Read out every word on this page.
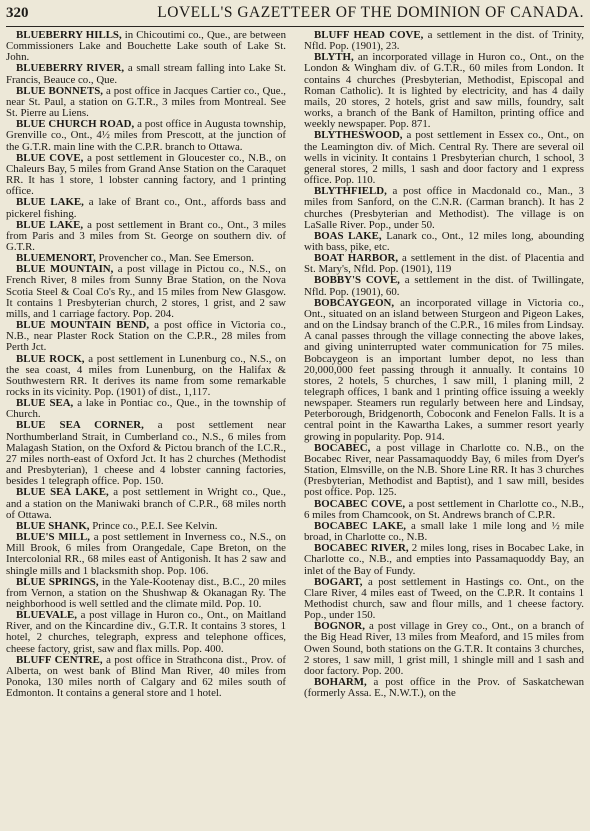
320	LOVELL'S GAZETTEER OF THE DOMINION OF CANADA.

BLUEBERRY HILLS, in Chicoutimi co., Que., are between Commissioners Lake and Bouchette Lake south of Lake St. John.

BLUEBERRY RIVER, a small stream falling into Lake St. Francis, Beauce co., Que.

BLUE BONNETS, a post office in Jacques Cartier co., Que., near St. Paul, a station on G.T.R., 3 miles from Montreal. See St. Pierre au Liens.

BLUE CHURCH ROAD, a post office in Augusta township, Grenville co., Ont., 4½ miles from Prescott, at the junction of the G.T.R. main line with the C.P.R. branch to Ottawa.

BLUE COVE, a post settlement in Gloucester co., N.B., on Chaleurs Bay, 5 miles from Grand Anse Station on the Caraquet RR. It has 1 store, 1 lobster canning factory, and 1 printing office.

BLUE LAKE, a lake of Brant co., Ont., affords bass and pickerel fishing.

BLUE LAKE, a post settlement in Brant co., Ont., 3 miles from Paris and 3 miles from St. George on southern div. of G.T.R.

BLUEMENORT, Provencher co., Man. See Emerson.

BLUE MOUNTAIN, a post village in Pictou co., N.S., on French River, 8 miles from Sunny Brae Station, on the Nova Scotia Steel & Coal Co's Ry., and 15 miles from New Glasgow. It contains 1 Presbyterian church, 2 stores, 1 grist, and 2 saw mills, and 1 carriage factory. Pop. 204.

BLUE MOUNTAIN BEND, a post office in Victoria co., N.B., near Plaster Rock Station on the C.P.R., 28 miles from Perth Jct.

BLUE ROCK, a post settlement in Lunenburg co., N.S., on the sea coast, 4 miles from Lunenburg, on the Halifax & Southwestern RR. It derives its name from some remarkable rocks in its vicinity. Pop. (1901) of dist., 1,117.

BLUE SEA, a lake in Pontiac co., Que., in the township of Church.

BLUE SEA CORNER, a post settlement near Northumberland Strait, in Cumberland co., N.S., 6 miles from Malagash Station, on the Oxford & Pictou branch of the I.C.R., 27 miles north-east of Oxford Jct. It has 2 churches (Methodist and Presbyterian), 1 cheese and 4 lobster canning factories, besides 1 telegraph office. Pop. 150.

BLUE SEA LAKE, a post settlement in Wright co., Que., and a station on the Maniwaki branch of C.P.R., 68 miles north of Ottawa.

BLUE SHANK, Prince co., P.E.I. See Kelvin.

BLUE'S MILL, a post settlement in Inverness co., N.S., on Mill Brook, 6 miles from Orangedale, Cape Breton, on the Intercolonial RR., 68 miles east of Antigonish. It has 2 saw and shingle mills and 1 blacksmith shop. Pop. 106.

BLUE SPRINGS, in the Yale-Kootenay dist., B.C., 20 miles from Vernon, a station on the Shushwap & Okanagan Ry. The neighborhood is well settled and the climate mild. Pop. 10.

BLUEVALE, a post village in Huron co., Ont., on Maitland River, and on the Kincardine div., G.T.R. It contains 3 stores, 1 hotel, 2 churches, telegraph, express and telephone offices, cheese factory, grist, saw and flax mills. Pop. 400.

BLUFF CENTRE, a post office in Strathcona dist., Prov. of Alberta, on west bank of Blind Man River, 40 miles from Ponoka, 130 miles north of Calgary and 62 miles south of Edmonton. It contains a general store and 1 hotel.

BLUFF HEAD COVE, a settlement in the dist. of Trinity, Nfld. Pop. (1901), 23.

BLYTH, an incorporated village in Huron co., Ont., on the London & Wingham div. of G.T.R., 60 miles from London. It contains 4 churches (Presbyterian, Methodist, Episcopal and Roman Catholic). It is lighted by electricity, and has 4 daily mails, 20 stores, 2 hotels, grist and saw mills, foundry, salt works, a branch of the Bank of Hamilton, printing office and weekly newspaper. Pop. 871.

BLYTHESWOOD, a post settlement in Essex co., Ont., on the Leamington div. of Mich. Central Ry. There are several oil wells in vicinity. It contains 1 Presbyterian church, 1 school, 3 general stores, 2 mills, 1 sash and door factory and 1 express office. Pop. 110.

BLYTHFIELD, a post office in Macdonald co., Man., 3 miles from Sanford, on the C.N.R. (Carman branch). It has 2 churches (Presbyterian and Methodist). The village is on LaSalle River. Pop., under 50.

BOAS LAKE, Lanark co., Ont., 12 miles long, abounding with bass, pike, etc.

BOAT HARBOR, a settlement in the dist. of Placentia and St. Mary's, Nfld. Pop. (1901), 119

BOBBY'S COVE, a settlement in the dist. of Twillingate, Nfld. Pop. (1901), 60.

BOBCAYGEON, an incorporated village in Victoria co., Ont., situated on an island between Sturgeon and Pigeon Lakes, and on the Lindsay branch of the C.P.R., 16 miles from Lindsay. A canal passes through the village connecting the above lakes, and giving uninterrupted water communication for 75 miles. Bobcaygeon is an important lumber depot, no less than 20,000,000 feet passing through it annually. It contains 10 stores, 2 hotels, 5 churches, 1 saw mill, 1 planing mill, 2 telegraph offices, 1 bank and 1 printing office issuing a weekly newspaper. Steamers run regularly between here and Lindsay, Peterborough, Bridgenorth, Coboconk and Fenelon Falls. It is a central point in the Kawartha Lakes, a summer resort yearly growing in popularity. Pop. 914.

BOCABEC, a post village in Charlotte co. N.B., on the Bocabec River, near Passamaquoddy Bay, 6 miles from Dyer's Station, Elmsville, on the N.B. Shore Line RR. It has 3 churches (Presbyterian, Methodist and Baptist), and 1 saw mill, besides post office. Pop. 125.

BOCABEC COVE, a post settlement in Charlotte co., N.B., 6 miles from Chamcook, on St. Andrews branch of C.P.R.

BOCABEC LAKE, a small lake 1 mile long and ½ mile broad, in Charlotte co., N.B.

BOCABEC RIVER, 2 miles long, rises in Bocabec Lake, in Charlotte co., N.B., and empties into Passamaquoddy Bay, an inlet of the Bay of Fundy.

BOGART, a post settlement in Hastings co. Ont., on the Clare River, 4 miles east of Tweed, on the C.P.R. It contains 1 Methodist church, saw and flour mills, and 1 cheese factory. Pop., under 150.

BOGNOR, a post village in Grey co., Ont., on a branch of the Big Head River, 13 miles from Meaford, and 15 miles from Owen Sound, both stations on the G.T.R. It contains 3 churches, 2 stores, 1 saw mill, 1 grist mill, 1 shingle mill and 1 sash and door factory. Pop. 200.

BOHARM, a post office in the Prov. of Saskatchewan (formerly Assa. E., N.W.T.), on the
